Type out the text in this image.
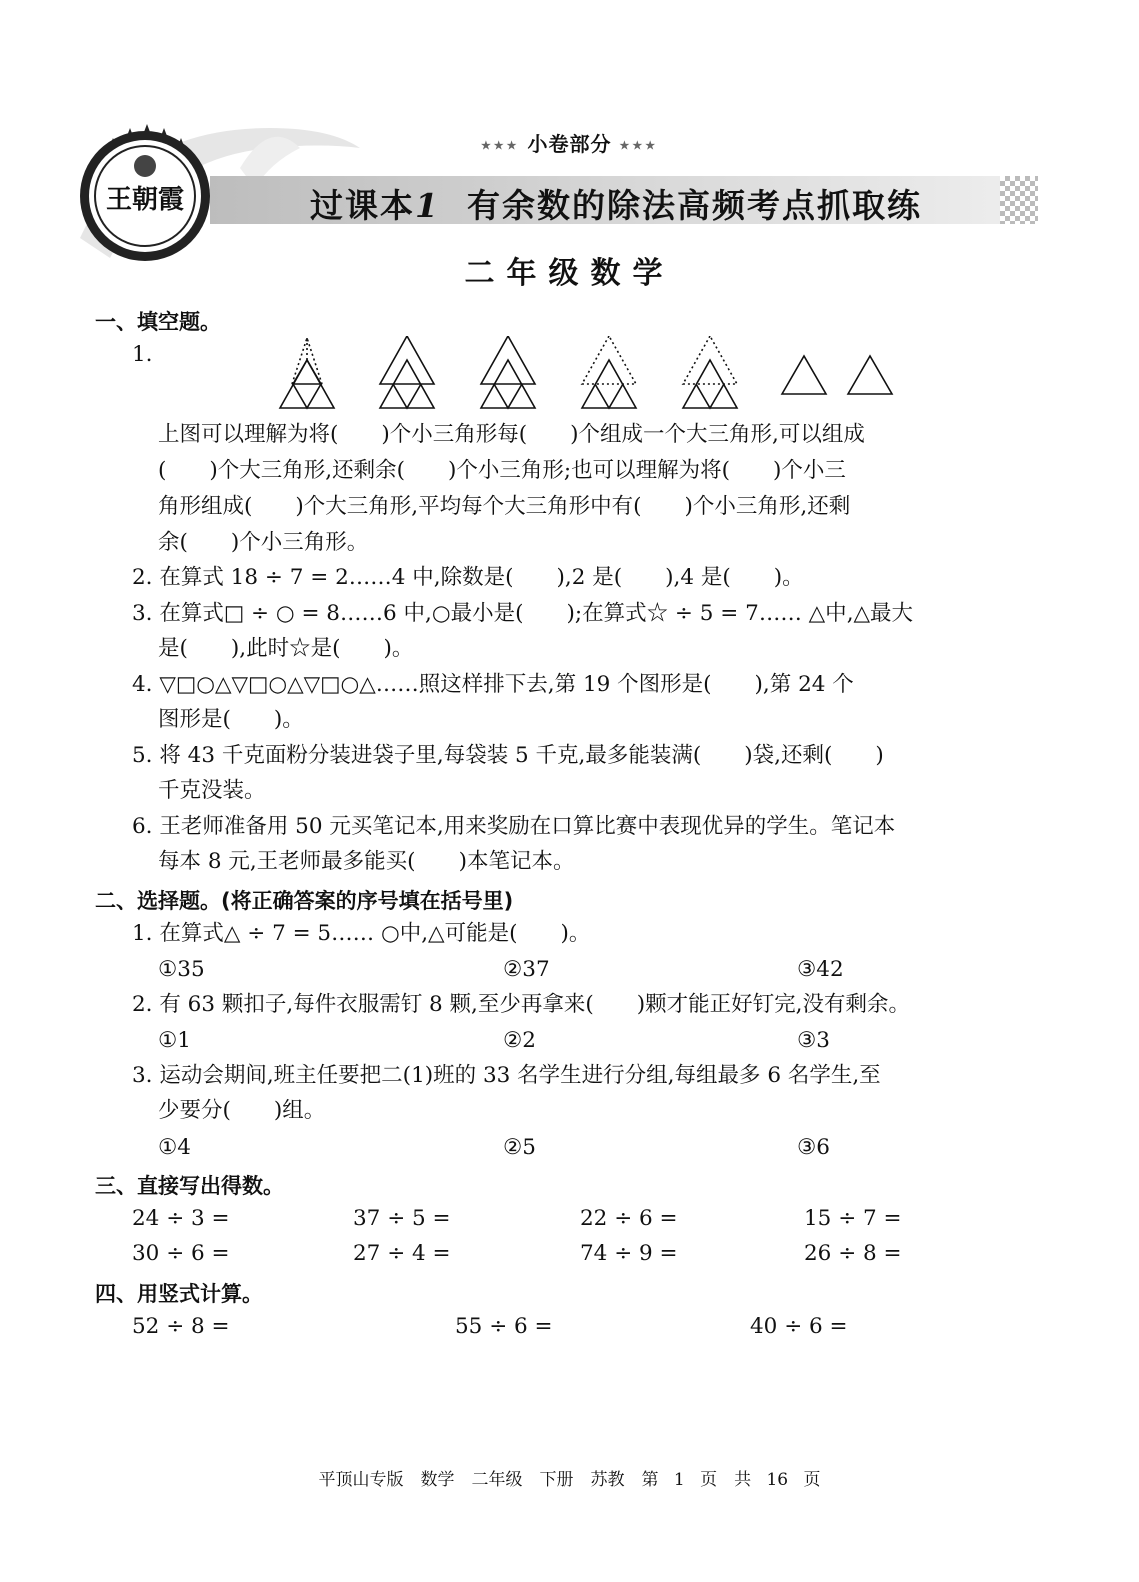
王朝霞
★★★ 小卷部分 ★★★
过课本1 有余数的除法高频考点抓取练
二年级数学
一、填空题。
1.
上图可以理解为将(　　)个小三角形每(　　)个组成一个大三角形,可以组成
(　　)个大三角形,还剩余(　　)个小三角形;也可以理解为将(　　)个小三
角形组成(　　)个大三角形,平均每个大三角形中有(　　)个小三角形,还剩
余(　　)个小三角形。
2. 在算式 18 ÷ 7 = 2……4 中,除数是(　　),2 是(　　),4 是(　　)。
3. 在算式□ ÷ ○ = 8……6 中,○最小是(　　);在算式☆ ÷ 5 = 7…… △中,△最大
是(　　),此时☆是(　　)。
4. ▽□○△▽□○△▽□○△……照这样排下去,第 19 个图形是(　　),第 24 个
图形是(　　)。
5. 将 43 千克面粉分装进袋子里,每袋装 5 千克,最多能装满(　　)袋,还剩(　　)
千克没装。
6. 王老师准备用 50 元买笔记本,用来奖励在口算比赛中表现优异的学生。笔记本
每本 8 元,王老师最多能买(　　)本笔记本。
二、选择题。(将正确答案的序号填在括号里)
1. 在算式△ ÷ 7 = 5…… ○中,△可能是(　　)。
①35	②37	③42
2. 有 63 颗扣子,每件衣服需钉 8 颗,至少再拿来(　　)颗才能正好钉完,没有剩余。
①1	②2	③3
3. 运动会期间,班主任要把二(1)班的 33 名学生进行分组,每组最多 6 名学生,至
少要分(　　)组。
①4	②5	③6
三、直接写出得数。
24 ÷ 3 =	37 ÷ 5 =	22 ÷ 6 =	15 ÷ 7 =
30 ÷ 6 =	27 ÷ 4 =	74 ÷ 9 =	26 ÷ 8 =
四、用竖式计算。
52 ÷ 8 =	55 ÷ 6 =	40 ÷ 6 =
平顶山专版　数学　二年级　下册　苏教　第 1 页　共 16 页
